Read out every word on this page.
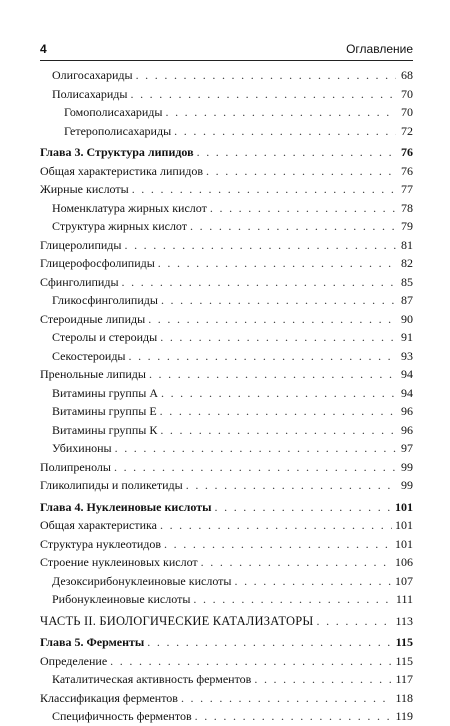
4	Оглавление
Олигосахариды . . .	68
Полисахариды . . .	70
Гомополисахариды . . .	70
Гетерополисахариды . . .	72
Глава 3. Структура липидов . . .	76
Общая характеристика липидов . . .	76
Жирные кислоты . . .	77
Номенклатура жирных кислот . . .	78
Структура жирных кислот . . .	79
Глицеролипиды . . .	81
Глицерофосфолипиды . . .	82
Сфинголипиды . . .	85
Гликосфинголипиды . . .	87
Стероидные липиды . . .	90
Стеролы и стероиды . . .	91
Секостероиды . . .	93
Пренольные липиды . . .	94
Витамины группы А . . .	94
Витамины группы Е . . .	96
Витамины группы К . . .	96
Убихиноны . . .	97
Полипренолы . . .	99
Гликолипиды и поликетиды . . .	99
Глава 4. Нуклеиновые кислоты . . .	101
Общая характеристика . . .	101
Структура нуклеотидов . . .	101
Строение нуклеиновых кислот . . .	106
Дезоксирибонуклеиновые кислоты . . .	107
Рибонуклеиновые кислоты . . .	111
ЧАСТЬ II. БИОЛОГИЧЕСКИЕ КАТАЛИЗАТОРЫ . . .	113
Глава 5. Ферменты . . .	115
Определение . . .	115
Каталитическая активность ферментов . . .	117
Классификация ферментов . . .	118
Специфичность ферментов . . .	119
